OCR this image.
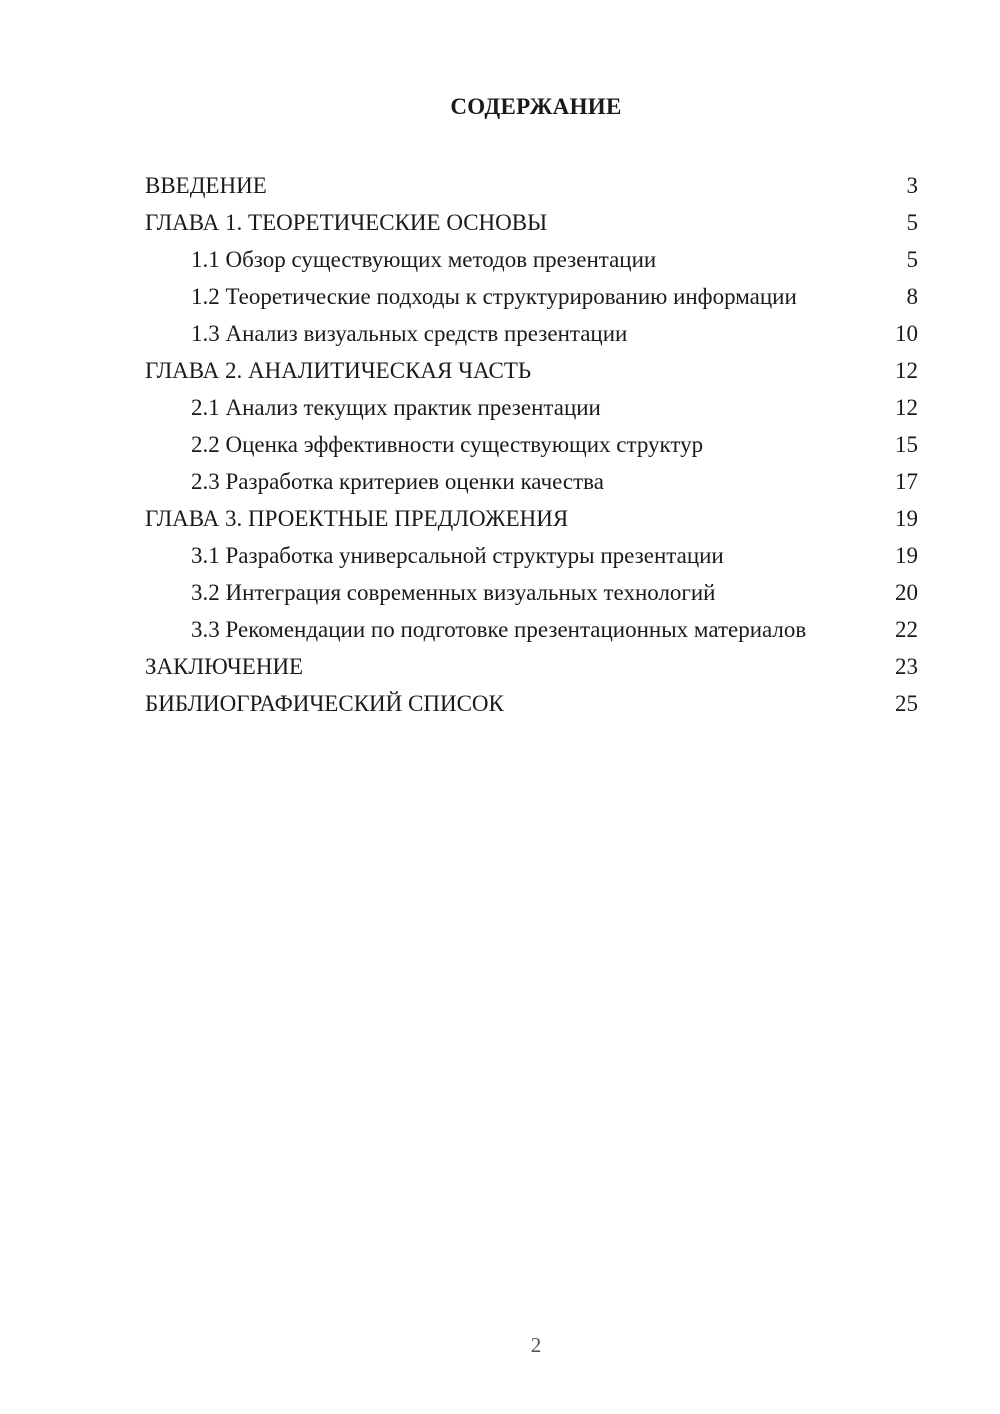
СОДЕРЖАНИЕ
ВВЕДЕНИЕ	3
ГЛАВА 1. ТЕОРЕТИЧЕСКИЕ ОСНОВЫ	5
1.1 Обзор существующих методов презентации	5
1.2 Теоретические подходы к структурированию информации	8
1.3 Анализ визуальных средств презентации	10
ГЛАВА 2. АНАЛИТИЧЕСКАЯ ЧАСТЬ	12
2.1 Анализ текущих практик презентации	12
2.2 Оценка эффективности существующих структур	15
2.3 Разработка критериев оценки качества	17
ГЛАВА 3. ПРОЕКТНЫЕ ПРЕДЛОЖЕНИЯ	19
3.1 Разработка универсальной структуры презентации	19
3.2 Интеграция современных визуальных технологий	20
3.3 Рекомендации по подготовке презентационных материалов	22
ЗАКЛЮЧЕНИЕ	23
БИБЛИОГРАФИЧЕСКИЙ СПИСОК	25
2
